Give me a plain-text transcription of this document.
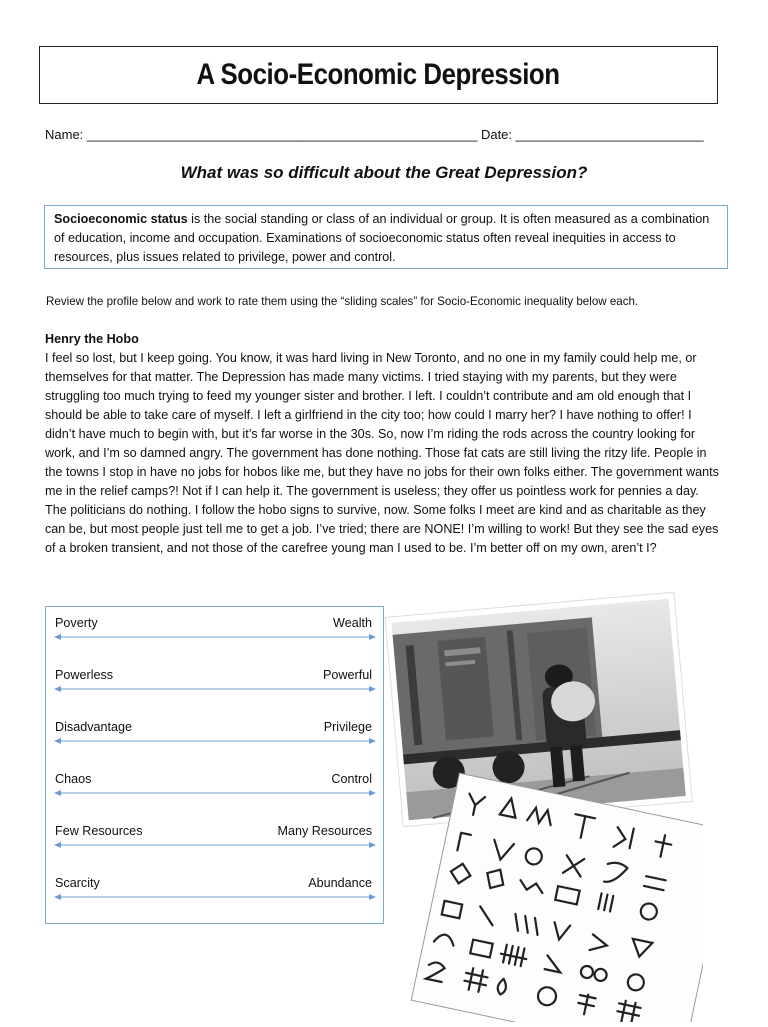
A Socio-Economic Depression
Name: ______________________________________________________ Date: __________________________
What was so difficult about the Great Depression?
Socioeconomic status is the social standing or class of an individual or group. It is often measured as a combination of education, income and occupation. Examinations of socioeconomic status often reveal inequities in access to resources, plus issues related to privilege, power and control.
Review the profile below and work to rate them using the “sliding scales” for Socio-Economic inequality below each.

Henry the Hobo

I feel so lost, but I keep going. You know, it was hard living in New Toronto, and no one in my family could help me, or themselves for that matter. The Depression has made many victims. I tried staying with my parents, but they were struggling too much trying to feed my younger sister and brother. I left. I couldn’t contribute and am old enough that I should be able to take care of myself. I left a girlfriend in the city too; how could I marry her? I have nothing to offer! I didn’t have much to begin with, but it’s far worse in the 30s. So, now I’m riding the rods across the country looking for work, and I’m so damned angry. The government has done nothing. Those fat cats are still living the ritzy life. People in the towns I stop in have no jobs for hobos like me, but they have no jobs for their own folks either. The government wants me in the relief camps?! Not if I can help it. The government is useless; they offer us pointless work for pennies a day. The politicians do nothing. I follow the hobo signs to survive, now. Some folks I meet are kind and as charitable as they can be, but most people just tell me to get a job. I’ve tried; there are NONE! I’m willing to work! But they see the sad eyes of a broken transient, and not those of the carefree young man I used to be. I’m better off on my own, aren’t I?

Poverty	Wealth
Powerless	Powerful
Disadvantage	Privilege
Chaos	Control
Few Resources	Many Resources
Scarcity	Abundance
